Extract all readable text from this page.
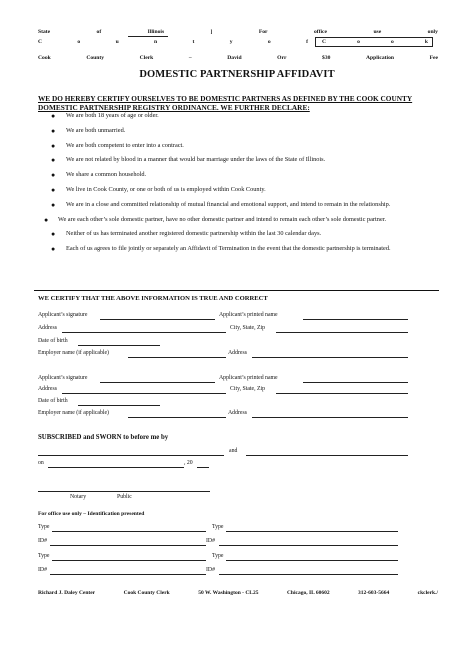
State	of	Illinois	]	For	office	use	only
C	o	u	n	t	y	o	f	C	o	o	k
Cook	County	Clerk	–	David	Orr	$30	Application	Fee
DOMESTIC PARTNERSHIP AFFIDAVIT
WE DO HEREBY CERTIFY OURSELVES TO BE DOMESTIC PARTNERS AS DEFINED BY THE COOK COUNTY DOMESTIC PARTNERSHIP REGISTRY ORDINANCE. WE FURTHER DECLARE:
● We are both 18 years of age or older.
● We are both unmarried.
● We are both competent to enter into a contract.
● We are not related by blood in a manner that would bar marriage under the laws of the State of Illinois.
● We share a common household.
● We live in Cook County, or one or both of us is employed within Cook County.
● We are in a close and committed relationship of mutual financial and emotional support, and intend to remain in the relationship.
● We are each other’s sole domestic partner, have no other domestic partner and intend to remain each other’s sole domestic partner.
● Neither of us has terminated another registered domestic partnership within the last 30 calendar days.
● Each of us agrees to file jointly or separately an Affidavit of Termination in the event that the domestic partnership is terminated.
WE CERTIFY THAT THE ABOVE INFORMATION IS TRUE AND CORRECT
Applicant’s signature	Applicant’s printed name
Address	City, State, Zip
Date of birth
Employer name (if applicable)	Address
Applicant’s signature	Applicant’s printed name
Address	City, State, Zip
Date of birth
Employer name (if applicable)	Address
SUBSCRIBED and SWORN to before me by
and
on	, 20
Notary	Public
For office use only – Identification presented
Type	Type
ID#	ID#
Type	Type
ID#	ID#
Richard J. Daley Center	Cook County Clerk	50 W. Washington - CL25	Chicago, IL 60602	312-603-5664	ckclerk./
